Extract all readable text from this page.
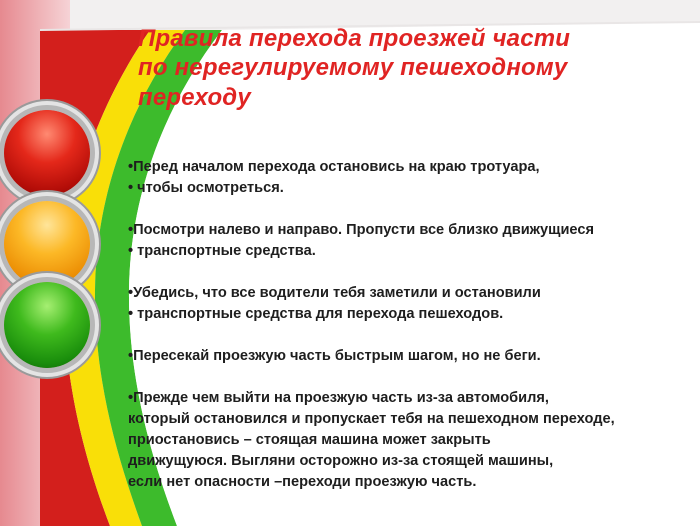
Правила перехода проезжей части
по нерегулируемому пешеходному
переходу
•Перед началом перехода остановись на краю тротуара,
• чтобы осмотреться.
•Посмотри налево и направо. Пропусти все близко движущиеся
• транспортные средства.
•Убедись, что все водители тебя заметили и остановили
• транспортные средства для перехода пешеходов.
•Пересекай проезжую часть быстрым шагом, но не беги.
•Прежде чем выйти на проезжую часть из-за автомобиля,
который остановился и пропускает тебя на пешеходном переходе,
приостановись – стоящая машина может закрыть
движущуюся. Выгляни осторожно из-за стоящей машины,
если нет опасности –переходи проезжую часть.
